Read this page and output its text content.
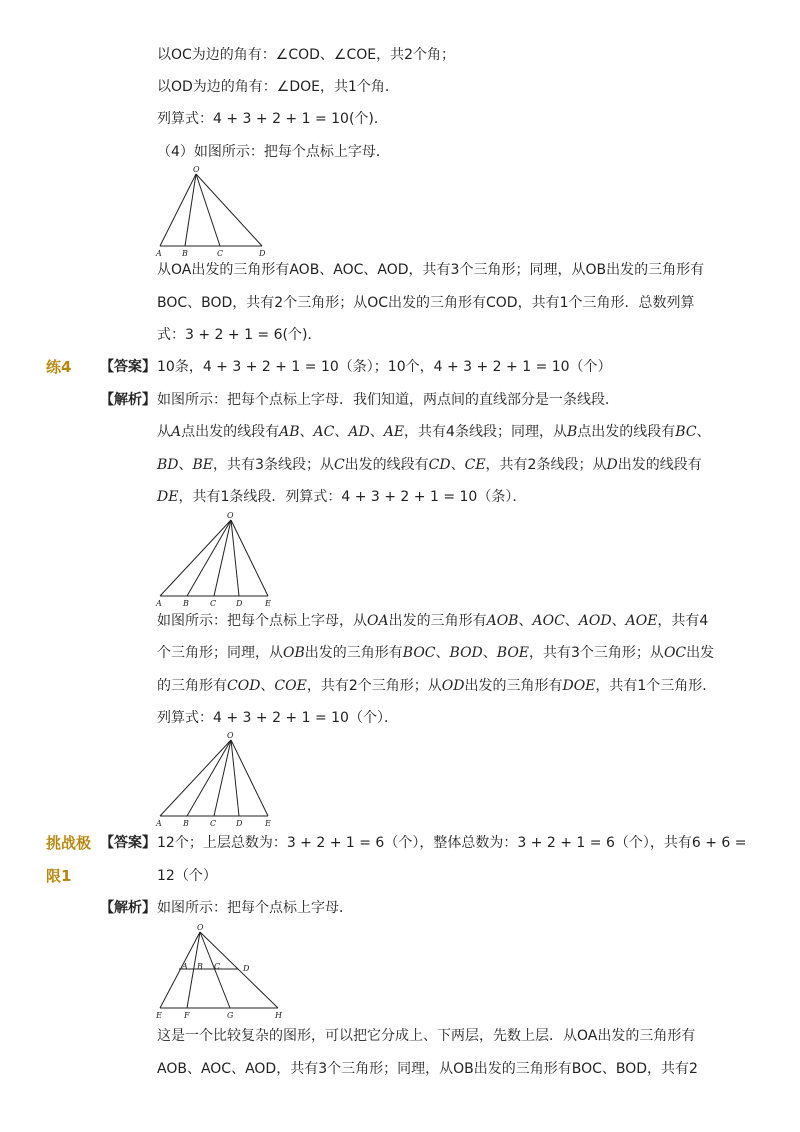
以OC为边的角有：∠COD、∠COE，共2个角；
以OD为边的角有：∠DOE，共1个角．
列算式：4 + 3 + 2 + 1 = 10(个)．
（4）如图所示：把每个点标上字母．
O
A	B	C	D
从OA出发的三角形有AOB、AOC、AOD，共有3个三角形；同理，从OB出发的三角形有
BOC、BOD，共有2个三角形；从OC出发的三角形有COD，共有1个三角形．总数列算
式：3 + 2 + 1 = 6(个)．
练4 【答案】 10条，4 + 3 + 2 + 1 = 10（条）；10个，4 + 3 + 2 + 1 = 10（个）
【解析】 如图所示：把每个点标上字母．我们知道，两点间的直线部分是一条线段．
从A点出发的线段有AB、AC、AD、AE，共有4条线段；同理，从B点出发的线段有BC、
BD、BE，共有3条线段；从C出发的线段有CD、CE，共有2条线段；从D出发的线段有
DE，共有1条线段．列算式：4 + 3 + 2 + 1 = 10（条）．
O
A	B	C D	E
如图所示：把每个点标上字母，从OA出发的三角形有AOB、AOC、AOD、AOE，共有4
个三角形；同理，从OB出发的三角形有BOC、BOD、BOE，共有3个三角形；从OC出发
的三角形有COD、COE，共有2个三角形；从OD出发的三角形有DOE，共有1个三角形．
列算式：4 + 3 + 2 + 1 = 10（个）．
O
A	B	C D	E
挑战极
限1
【答案】 12个；上层总数为：3 + 2 + 1 = 6（个），整体总数为：3 + 2 + 1 = 6（个），共有6 + 6 =
12（个）
【解析】 如图所示：把每个点标上字母．
O
A B C	D
E	F	G	H
这是一个比较复杂的图形，可以把它分成上、下两层，先数上层．从OA出发的三角形有
AOB、AOC、AOD，共有3个三角形；同理，从OB出发的三角形有BOC、BOD，共有2
